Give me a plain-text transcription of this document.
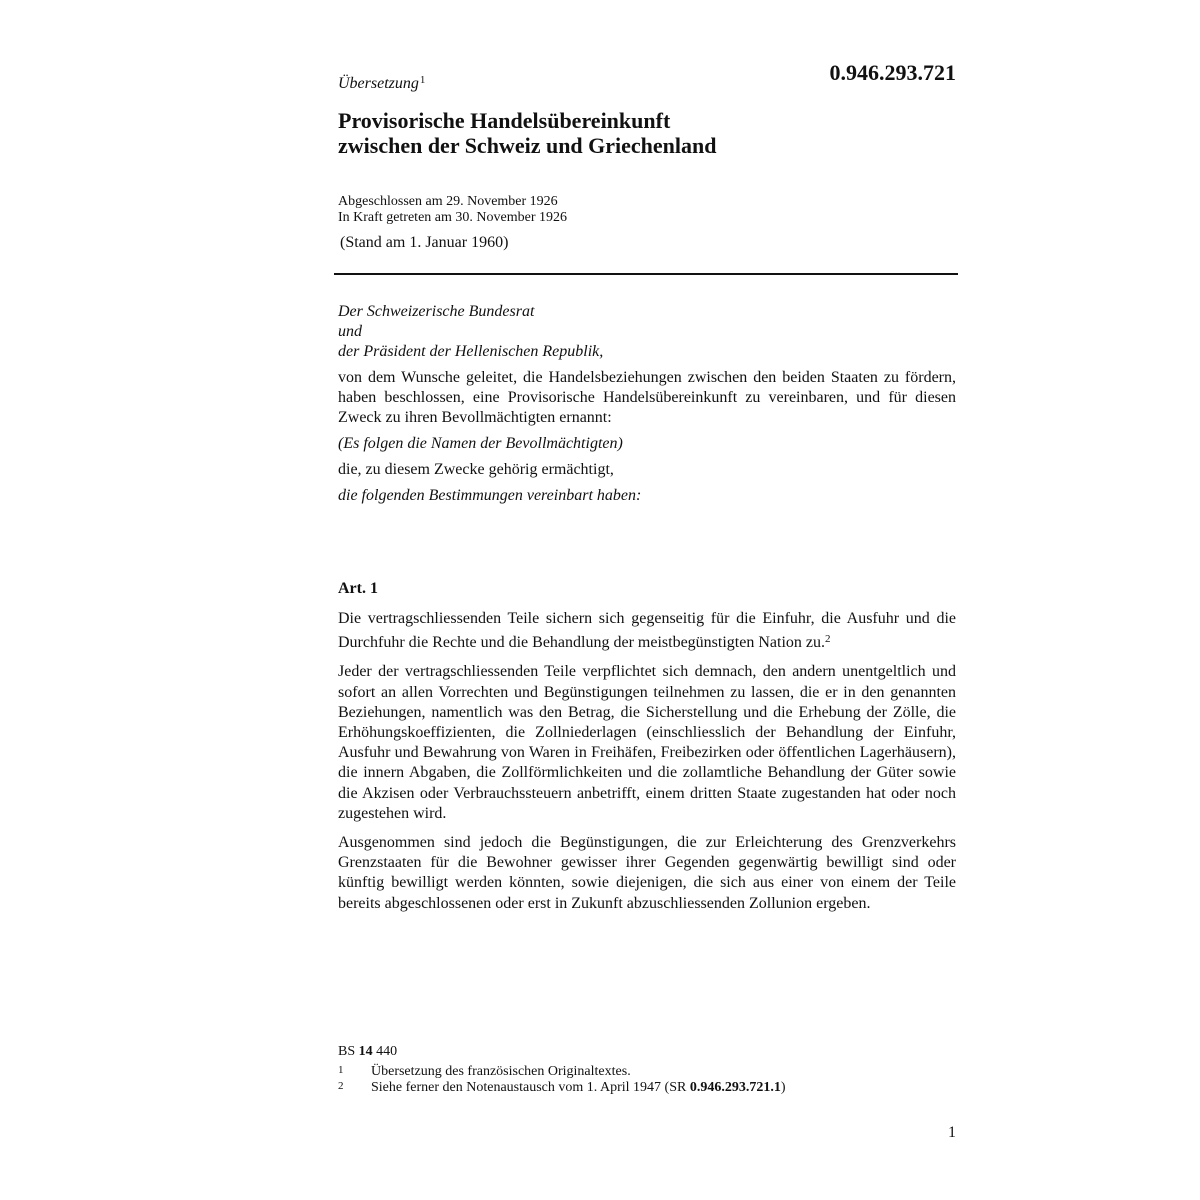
0.946.293.721
Übersetzung$^1$
Provisorische Handelsübereinkunft
zwischen der Schweiz und Griechenland
Abgeschlossen am 29. November 1926
In Kraft getreten am 30. November 1926
(Stand am 1. Januar 1960)

Der Schweizerische Bundesrat

und

der Präsident der Hellenischen Republik,

von dem Wunsche geleitet, die Handelsbeziehungen zwischen den beiden Staaten zu fördern, haben beschlossen, eine Provisorische Handelsübereinkunft zu vereinbaren, und für diesen Zweck zu ihren Bevollmächtigten ernannt:

(Es folgen die Namen der Bevollmächtigten)

die, zu diesem Zwecke gehörig ermächtigt,

die folgenden Bestimmungen vereinbart haben:

Art. 1

Die vertragschliessenden Teile sichern sich gegenseitig für die Einfuhr, die Ausfuhr und die Durchfuhr die Rechte und die Behandlung der meistbegünstigten Nation zu.$^2$

Jeder der vertragschliessenden Teile verpflichtet sich demnach, den andern unentgeltlich und sofort an allen Vorrechten und Begünstigungen teilnehmen zu lassen, die er in den genannten Beziehungen, namentlich was den Betrag, die Sicherstellung und die Erhebung der Zölle, die Erhöhungskoeffizienten, die Zollniederlagen (einschliesslich der Behandlung der Einfuhr, Ausfuhr und Bewahrung von Waren in Freihäfen, Freibezirken oder öffentlichen Lagerhäusern), die innern Abgaben, die Zollförmlichkeiten und die zollamtliche Behandlung der Güter sowie die Akzisen oder Verbrauchssteuern anbetrifft, einem dritten Staate zugestanden hat oder noch zugestehen wird.

Ausgenommen sind jedoch die Begünstigungen, die zur Erleichterung des Grenzverkehrs Grenzstaaten für die Bewohner gewisser ihrer Gegenden gegenwärtig bewilligt sind oder künftig bewilligt werden könnten, sowie diejenigen, die sich aus einer von einem der Teile bereits abgeschlossenen oder erst in Zukunft abzuschliessenden Zollunion ergeben.

BS 14 440
1	Übersetzung des französischen Originaltextes.
2	Siehe ferner den Notenaustausch vom 1. April 1947 (SR 0.946.293.721.1)
1
